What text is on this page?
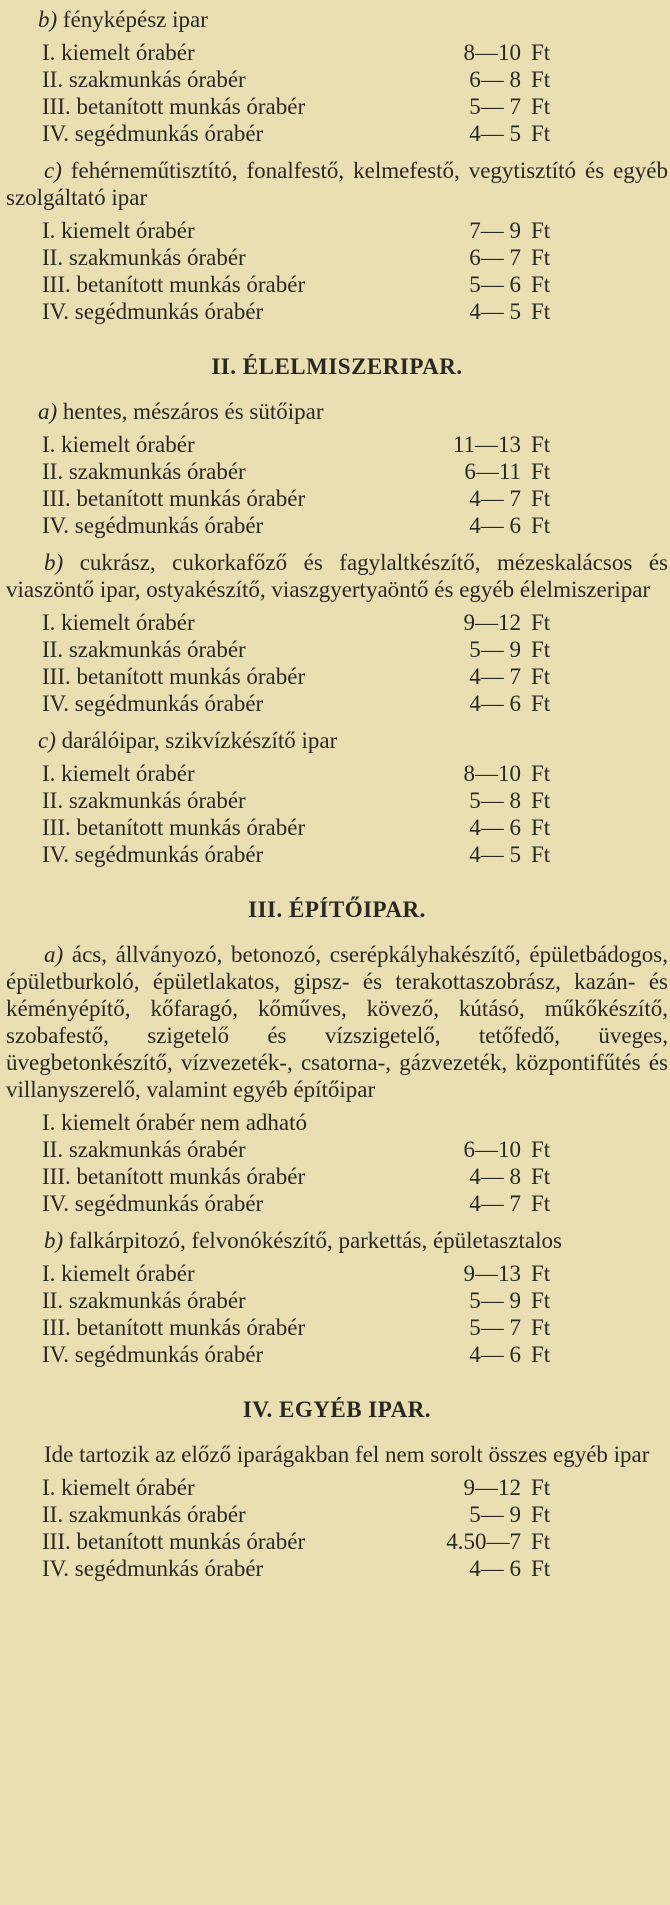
b) fényképész ipar

I. kiemelt órabér	8—10 Ft
II. szakmunkás órabér	6— 8 Ft
III. betanított munkás órabér	5— 7 Ft
IV. segédmunkás órabér	4— 5 Ft

c) fehérneműtisztító, fonalfestő, kelmefestő, vegytisztító és egyéb szolgáltató ipar

I. kiemelt órabér	7— 9 Ft
II. szakmunkás órabér	6— 7 Ft
III. betanított munkás órabér	5— 6 Ft
IV. segédmunkás órabér	4— 5 Ft
II. ÉLELMISZERIPAR.

a) hentes, mészáros és sütőipar

I. kiemelt órabér	11—13 Ft
II. szakmunkás órabér	6—11 Ft
III. betanított munkás órabér	4— 7 Ft
IV. segédmunkás órabér	4— 6 Ft

b) cukrász, cukorkafőző és fagylaltkészítő, mézeskalácsos és viaszöntő ipar, ostyakészítő, viaszgyertyaöntő és egyéb élelmiszeripar

I. kiemelt órabér	9—12 Ft
II. szakmunkás órabér	5— 9 Ft
III. betanított munkás órabér	4— 7 Ft
IV. segédmunkás órabér	4— 6 Ft

c) darálóipar, szikvízkészítő ipar

I. kiemelt órabér	8—10 Ft
II. szakmunkás órabér	5— 8 Ft
III. betanított munkás órabér	4— 6 Ft
IV. segédmunkás órabér	4— 5 Ft
III. ÉPÍTŐIPAR.

a) ács, állványozó, betonozó, cserépkályhakészítő, épületbádogos, épületburkoló, épületlakatos, gipsz- és terakottaszobrász, kazán- és kéményépítő, kőfaragó, kőműves, kövező, kútásó, műkőkészítő, szobafestő, szigetelő és vízszigetelő, tetőfedő, üveges, üvegbetonkészítő, vízvezeték-, csatorna-, gázvezeték, központifűtés és villanyszerelő, valamint egyéb építőipar

I. kiemelt órabér nem adható
II. szakmunkás órabér	6—10 Ft
III. betanított munkás órabér	4— 8 Ft
IV. segédmunkás órabér	4— 7 Ft

b) falkárpitozó, felvonókészítő, parkettás, épületasztalos

I. kiemelt órabér	9—13 Ft
II. szakmunkás órabér	5— 9 Ft
III. betanított munkás órabér	5— 7 Ft
IV. segédmunkás órabér	4— 6 Ft
IV. EGYÉB IPAR.

Ide tartozik az előző iparágakban fel nem sorolt összes egyéb ipar

I. kiemelt órabér	9—12 Ft
II. szakmunkás órabér	5— 9 Ft
III. betanított munkás órabér	4.50—7 Ft
IV. segédmunkás órabér	4— 6 Ft
